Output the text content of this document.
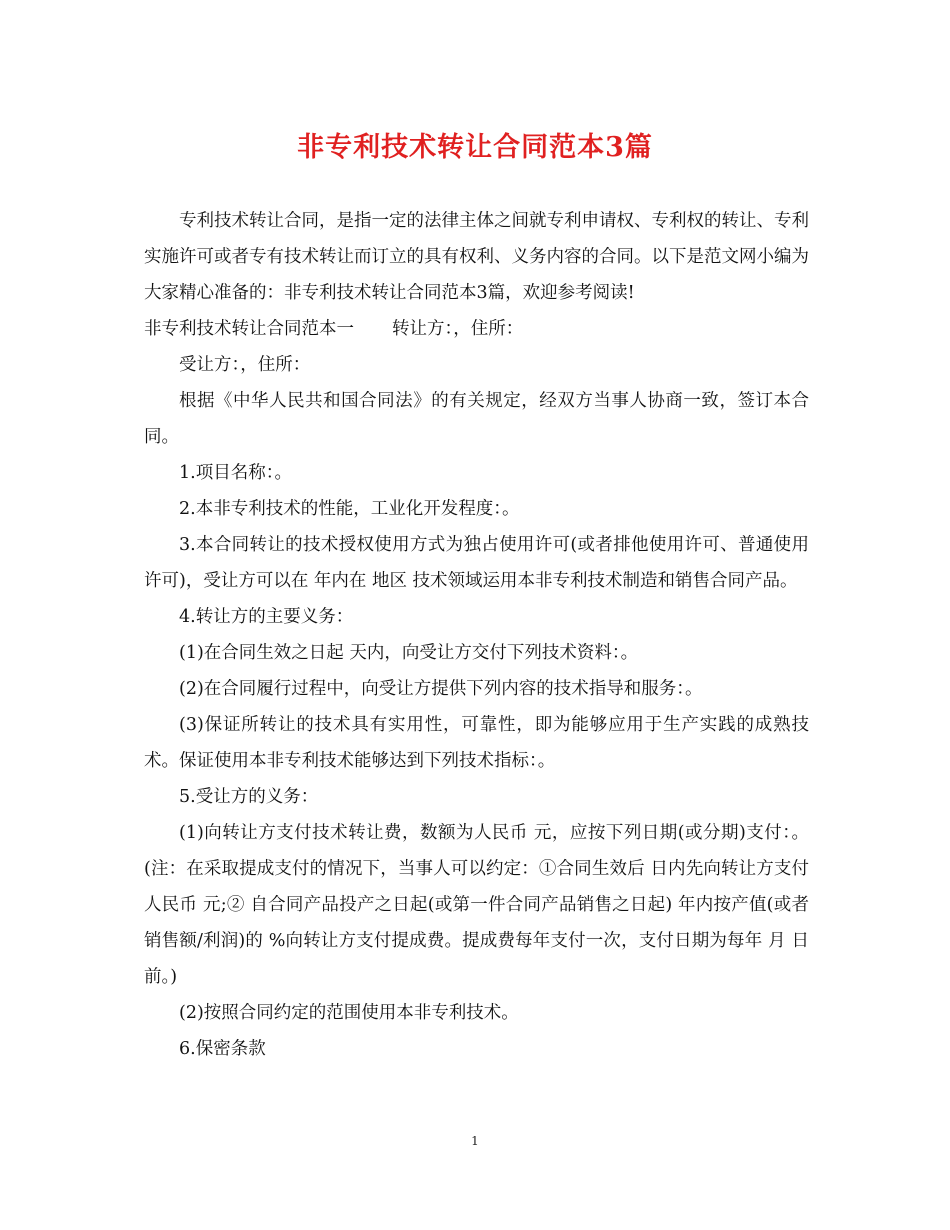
非专利技术转让合同范本3篇

专利技术转让合同，是指一定的法律主体之间就专利申请权、专利权的转让、专利实施许可或者专有技术转让而订立的具有权利、义务内容的合同。以下是范文网小编为大家精心准备的：非专利技术转让合同范本3篇，欢迎参考阅读!

非专利技术转让合同范本一 转让方：，住所：

受让方：，住所：

根据《中华人民共和国合同法》的有关规定，经双方当事人协商一致，签订本合同。

1.项目名称：。

2.本非专利技术的性能，工业化开发程度：。

3.本合同转让的技术授权使用方式为独占使用许可(或者排他使用许可、普通使用许可)，受让方可以在 年内在 地区 技术领域运用本非专利技术制造和销售合同产品。

4.转让方的主要义务：

(1)在合同生效之日起 天内，向受让方交付下列技术资料：。

(2)在合同履行过程中，向受让方提供下列内容的技术指导和服务：。

(3)保证所转让的技术具有实用性，可靠性，即为能够应用于生产实践的成熟技术。保证使用本非专利技术能够达到下列技术指标：。

5.受让方的义务：

(1)向转让方支付技术转让费，数额为人民币 元，应按下列日期(或分期)支付：。(注：在采取提成支付的情况下，当事人可以约定：①合同生效后 日内先向转让方支付人民币 元;② 自合同产品投产之日起(或第一件合同产品销售之日起) 年内按产值(或者销售额/利润)的 %向转让方支付提成费。提成费每年支付一次，支付日期为每年 月 日前。)

(2)按照合同约定的范围使用本非专利技术。

6.保密条款

1
